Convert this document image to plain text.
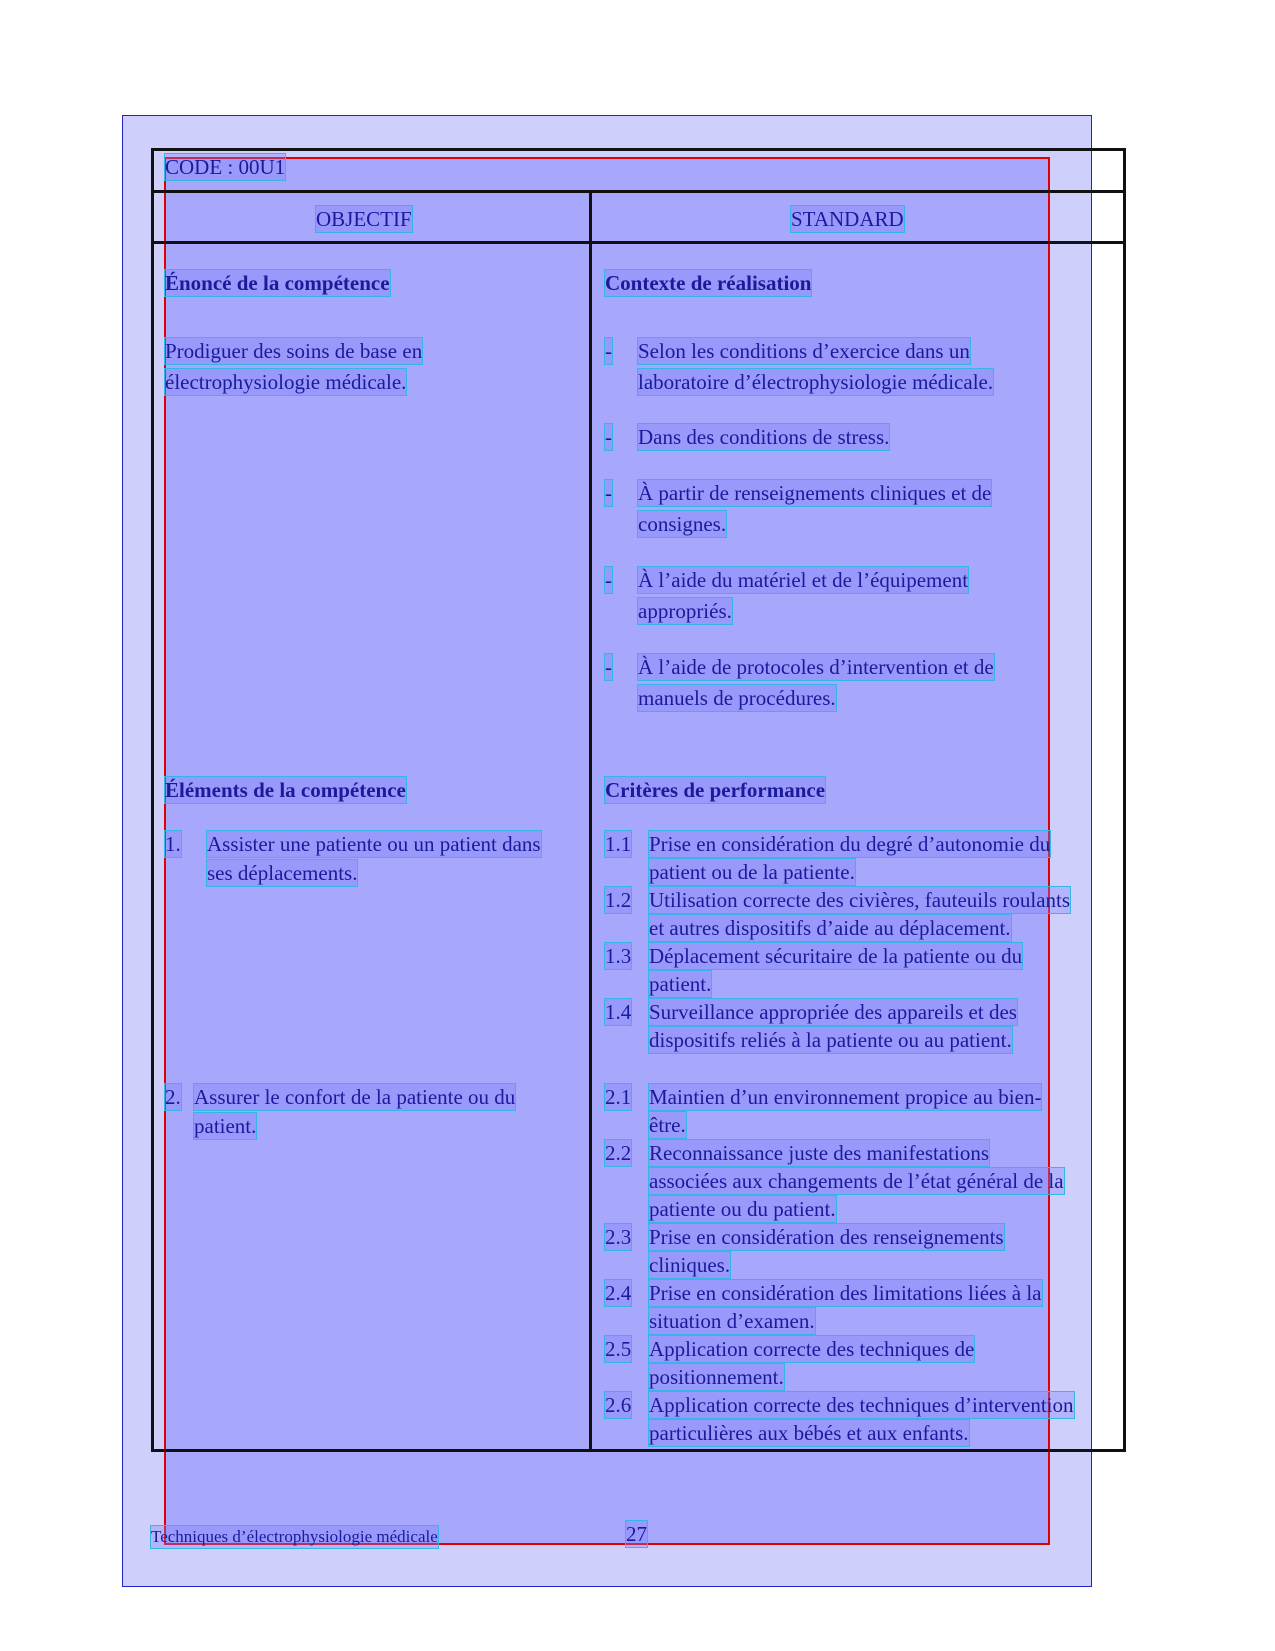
CODE : 00U1
OBJECTIF	STANDARD
Énoncé de la compétence
Prodiguer des soins de base en
électrophysiologie médicale.
Éléments de la compétence
1. Assister une patiente ou un patient dans
ses déplacements.
2. Assurer le confort de la patiente ou du
patient.
Contexte de réalisation
- Selon les conditions d’exercice dans un
laboratoire d’électrophysiologie médicale.
- Dans des conditions de stress.
- À partir de renseignements cliniques et de
consignes.
- À l’aide du matériel et de l’équipement
appropriés.
- À l’aide de protocoles d’intervention et de
manuels de procédures.
Critères de performance
1.1 Prise en considération du degré d’autonomie du
patient ou de la patiente.
1.2 Utilisation correcte des civières, fauteuils roulants
et autres dispositifs d’aide au déplacement.
1.3 Déplacement sécuritaire de la patiente ou du
patient.
1.4 Surveillance appropriée des appareils et des
dispositifs reliés à la patiente ou au patient.
2.1 Maintien d’un environnement propice au bien-
être.
2.2 Reconnaissance juste des manifestations
associées aux changements de l’état général de la
patiente ou du patient.
2.3 Prise en considération des renseignements
cliniques.
2.4 Prise en considération des limitations liées à la
situation d’examen.
2.5 Application correcte des techniques de
positionnement.
2.6 Application correcte des techniques d’intervention
particulières aux bébés et aux enfants.
Techniques d’électrophysiologie médicale	27
